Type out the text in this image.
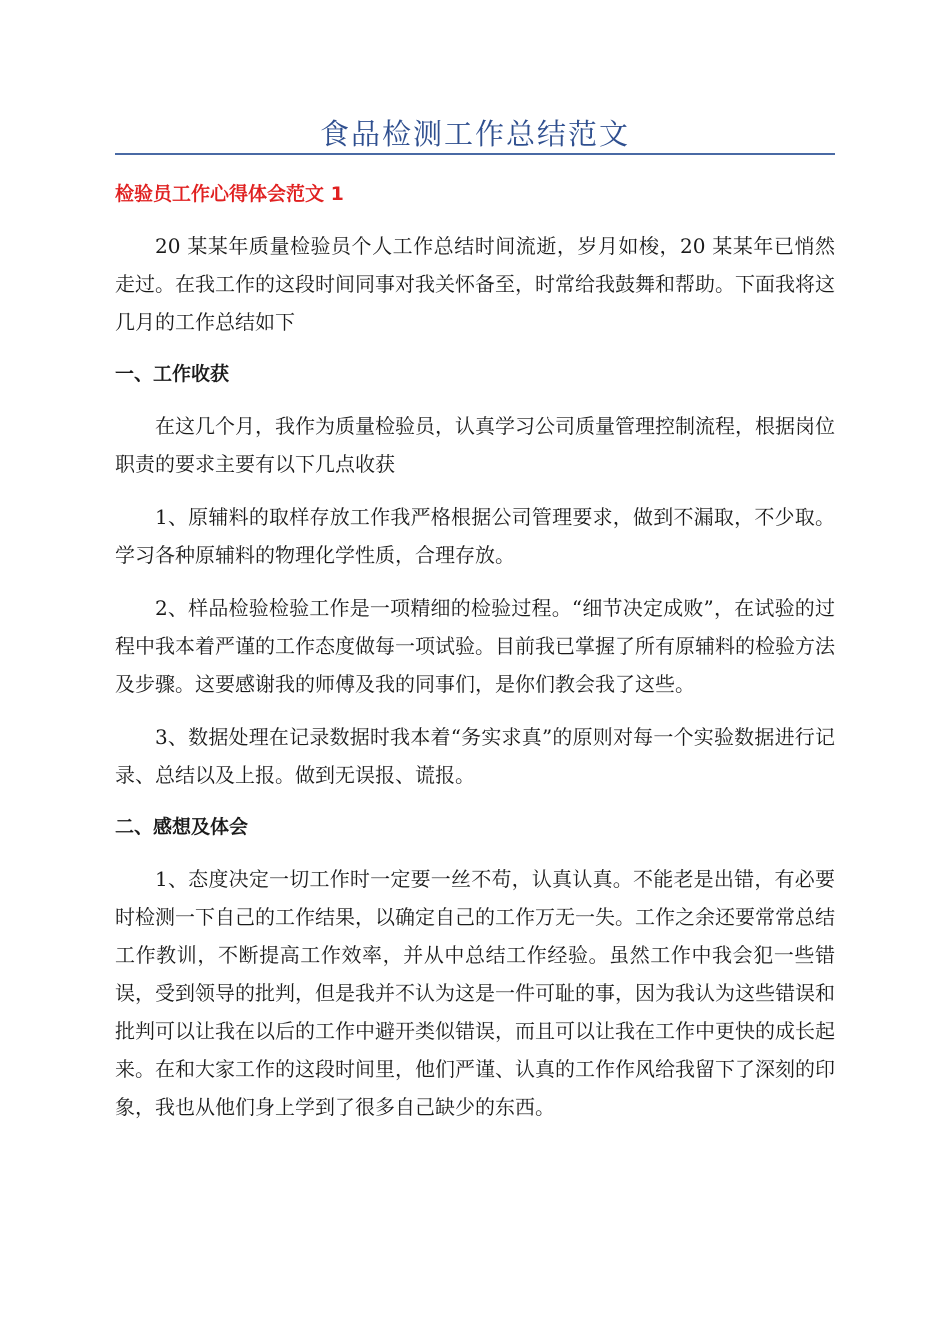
食品检测工作总结范文
检验员工作心得体会范文 1

20 某某年质量检验员个人工作总结时间流逝，岁月如梭，20 某某年已悄然走过。在我工作的这段时间同事对我关怀备至，时常给我鼓舞和帮助。下面我将这几月的工作总结如下

一、工作收获

在这几个月，我作为质量检验员，认真学习公司质量管理控制流程，根据岗位职责的要求主要有以下几点收获

1、原辅料的取样存放工作我严格根据公司管理要求，做到不漏取，不少取。学习各种原辅料的物理化学性质，合理存放。

2、样品检验检验工作是一项精细的检验过程。“细节决定成败”，在试验的过程中我本着严谨的工作态度做每一项试验。目前我已掌握了所有原辅料的检验方法及步骤。这要感谢我的师傅及我的同事们，是你们教会我了这些。

3、数据处理在记录数据时我本着“务实求真”的原则对每一个实验数据进行记录、总结以及上报。做到无误报、谎报。

二、感想及体会

1、态度决定一切工作时一定要一丝不苟，认真认真。不能老是出错，有必要时检测一下自己的工作结果，以确定自己的工作万无一失。工作之余还要常常总结工作教训，不断提高工作效率，并从中总结工作经验。虽然工作中我会犯一些错误，受到领导的批判，但是我并不认为这是一件可耻的事，因为我认为这些错误和批判可以让我在以后的工作中避开类似错误，而且可以让我在工作中更快的成长起来。在和大家工作的这段时间里，他们严谨、认真的工作作风给我留下了深刻的印象，我也从他们身上学到了很多自己缺少的东西。
